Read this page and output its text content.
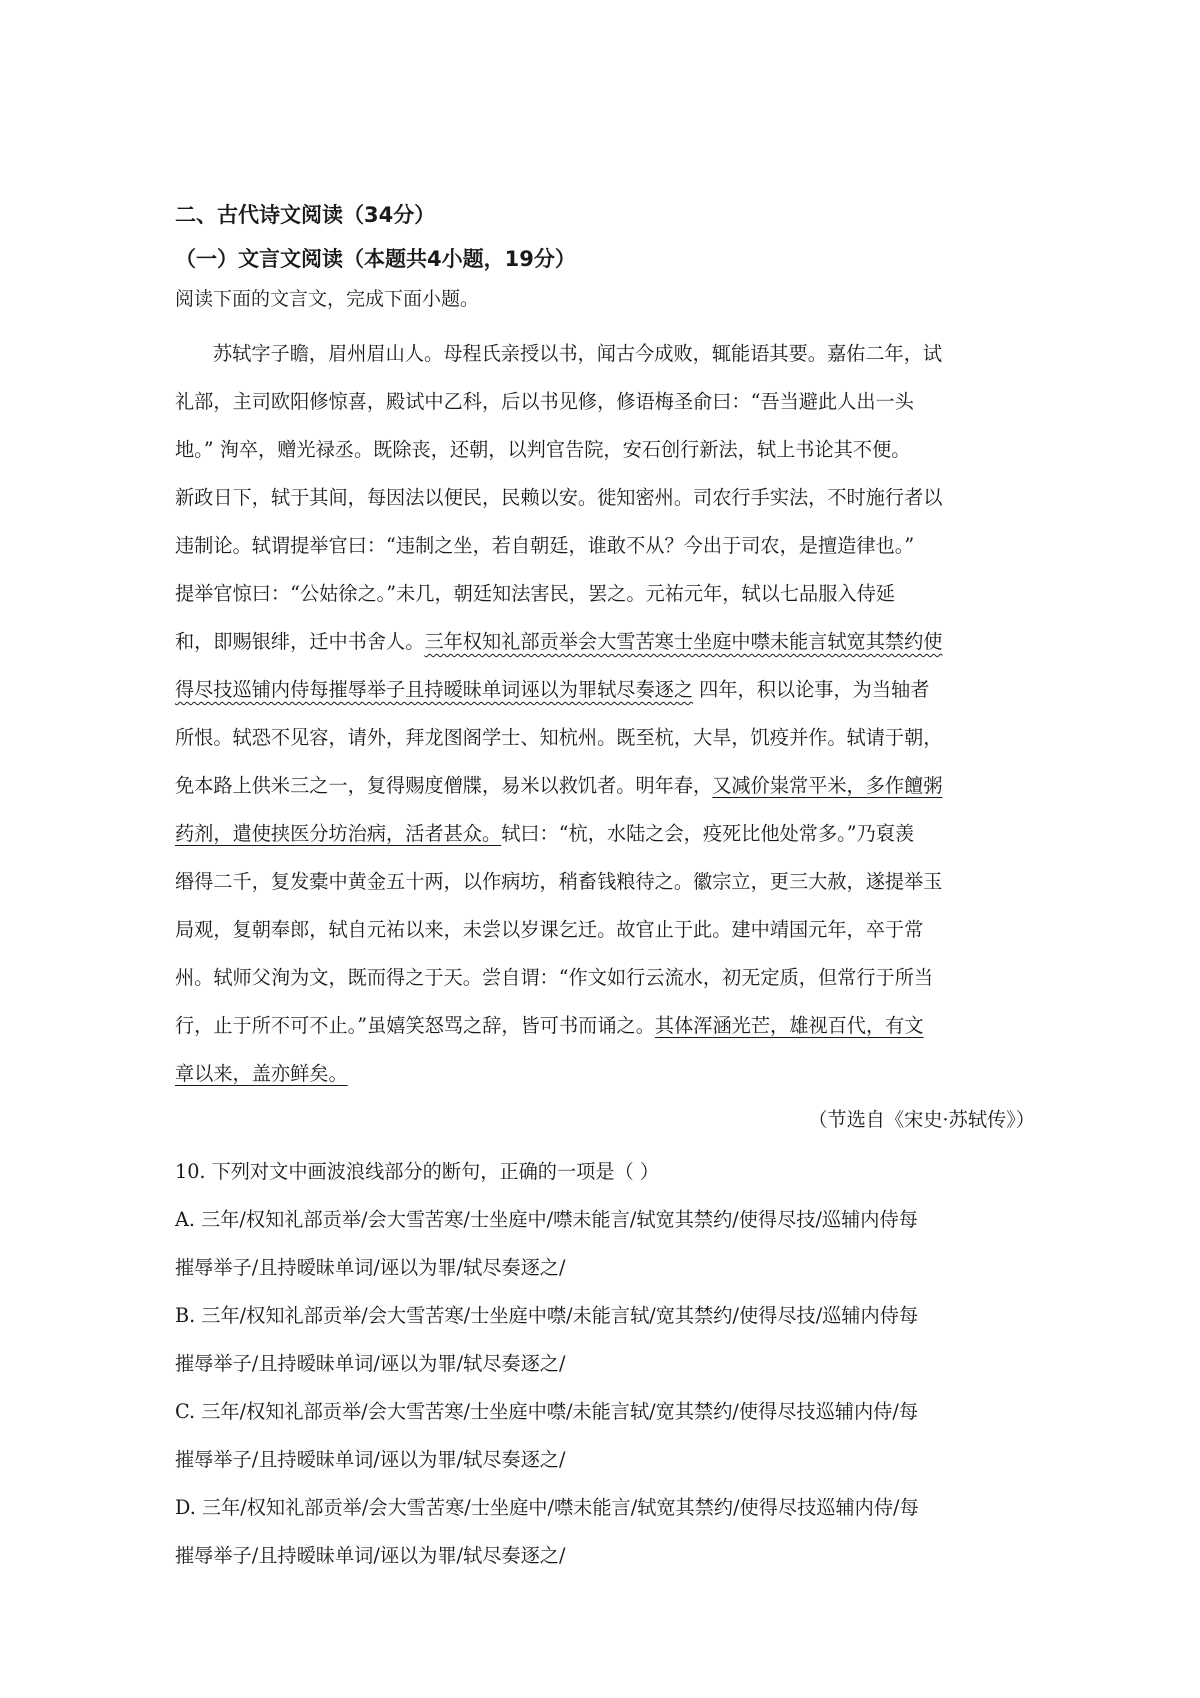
二、古代诗文阅读（34分）
（一）文言文阅读（本题共4小题，19分）
阅读下面的文言文，完成下面小题。
苏轼字子瞻，眉州眉山人。母程氏亲授以书，闻古今成败，辄能语其要。嘉佑二年，试
礼部，主司欧阳修惊喜，殿试中乙科，后以书见修，修语梅圣俞曰：“吾当避此人出一头
地。” 洵卒，赠光禄丞。既除丧，还朝，以判官告院，安石创行新法，轼上书论其不便。
新政日下，轼于其间，每因法以便民，民赖以安。徙知密州。司农行手实法，不时施行者以
违制论。轼谓提举官曰：“违制之坐，若自朝廷，谁敢不从？今出于司农，是擅造律也。”
提举官惊曰：“公姑徐之。”未几，朝廷知法害民，罢之。元祐元年，轼以七品服入侍延
和，即赐银绯，迁中书舍人。三年权知礼部贡举会大雪苦寒士坐庭中噤未能言轼宽其禁约使
得尽技巡铺内侍每摧辱举子且持暧昧单词诬以为罪轼尽奏逐之 四年，积以论事，为当轴者
所恨。轼恐不见容，请外，拜龙图阁学士、知杭州。既至杭，大旱，饥疫并作。轼请于朝，
免本路上供米三之一，复得赐度僧牒，易米以救饥者。明年春，又减价粜常平米，多作饘粥
药剂，遣使挟医分坊治病，活者甚众。轼曰：“杭，水陆之会，疫死比他处常多。”乃裒羡
缗得二千，复发橐中黄金五十两，以作病坊，稍畜钱粮待之。徽宗立，更三大赦，遂提举玉
局观，复朝奉郎，轼自元祐以来，未尝以岁课乞迁。故官止于此。建中靖国元年，卒于常
州。轼师父洵为文，既而得之于天。尝自谓：“作文如行云流水，初无定质，但常行于所当
行，止于所不可不止。”虽嬉笑怒骂之辞，皆可书而诵之。其体浑涵光芒，雄视百代，有文
章以来，盖亦鲜矣。
（节选自《宋史·苏轼传》）
10. 下列对文中画波浪线部分的断句，正确的一项是（ ）
A. 三年/权知礼部贡举/会大雪苦寒/士坐庭中/噤未能言/轼宽其禁约/使得尽技/巡辅内侍每
摧辱举子/且持暧昧单词/诬以为罪/轼尽奏逐之/
B. 三年/权知礼部贡举/会大雪苦寒/士坐庭中噤/未能言轼/宽其禁约/使得尽技/巡辅内侍每
摧辱举子/且持暧昧单词/诬以为罪/轼尽奏逐之/
C. 三年/权知礼部贡举/会大雪苦寒/士坐庭中噤/未能言轼/宽其禁约/使得尽技巡辅内侍/每
摧辱举子/且持暧昧单词/诬以为罪/轼尽奏逐之/
D. 三年/权知礼部贡举/会大雪苦寒/士坐庭中/噤未能言/轼宽其禁约/使得尽技巡辅内侍/每
摧辱举子/且持暧昧单词/诬以为罪/轼尽奏逐之/
